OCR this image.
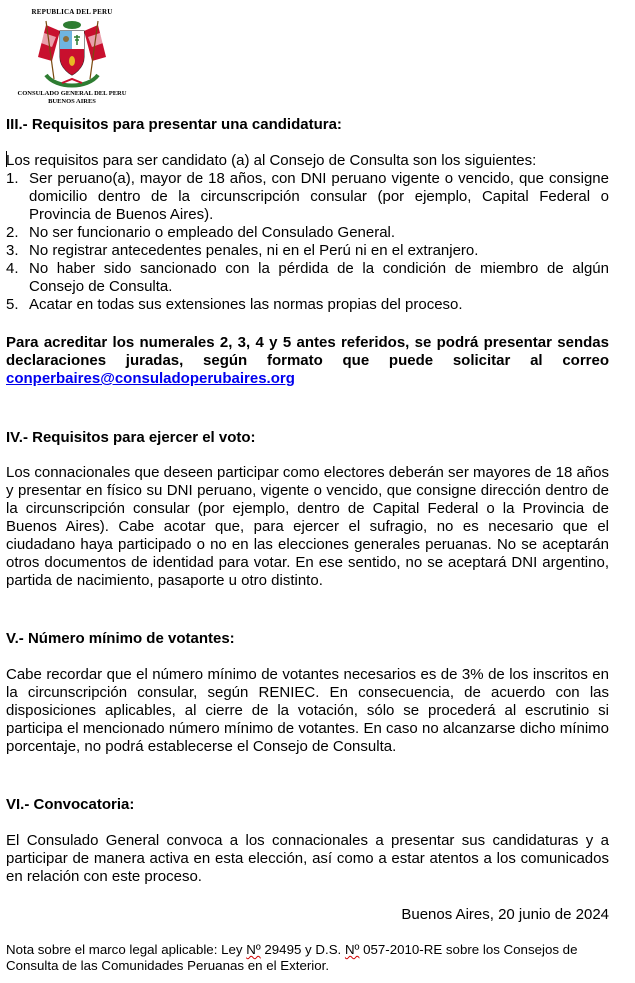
REPUBLICA DEL PERU
CONSULADO GENERAL DEL PERU
BUENOS AIRES
III.- Requisitos para presentar una candidatura:
Los requisitos para ser candidato (a) al Consejo de Consulta son los siguientes:
1. Ser peruano(a), mayor de 18 años, con DNI peruano vigente o vencido, que consigne domicilio dentro de la circunscripción consular (por ejemplo, Capital Federal o Provincia de Buenos Aires).
2. No ser funcionario o empleado del Consulado General.
3. No registrar antecedentes penales, ni en el Perú ni en el extranjero.
4. No haber sido sancionado con la pérdida de la condición de miembro de algún Consejo de Consulta.
5. Acatar en todas sus extensiones las normas propias del proceso.
Para acreditar los numerales 2, 3, 4 y 5 antes referidos, se podrá presentar sendas declaraciones juradas, según formato que puede solicitar al correo conperbaires@consuladoperubaires.org
IV.- Requisitos para ejercer el voto:
Los connacionales que deseen participar como electores deberán ser mayores de 18 años y presentar en físico su DNI peruano, vigente o vencido, que consigne dirección dentro de la circunscripción consular (por ejemplo, dentro de Capital Federal o la Provincia de Buenos Aires). Cabe acotar que, para ejercer el sufragio, no es necesario que el ciudadano haya participado o no en las elecciones generales peruanas. No se aceptarán otros documentos de identidad para votar. En ese sentido, no se aceptará DNI argentino, partida de nacimiento, pasaporte u otro distinto.
V.- Número mínimo de votantes:
Cabe recordar que el número mínimo de votantes necesarios es de 3% de los inscritos en la circunscripción consular, según RENIEC. En consecuencia, de acuerdo con las disposiciones aplicables, al cierre de la votación, sólo se procederá al escrutinio si participa el mencionado número mínimo de votantes. En caso no alcanzarse dicho mínimo porcentaje, no podrá establecerse el Consejo de Consulta.
VI.- Convocatoria:
El Consulado General convoca a los connacionales a presentar sus candidaturas y a participar de manera activa en esta elección, así como a estar atentos a los comunicados en relación con este proceso.
Buenos Aires, 20 junio de 2024
Nota sobre el marco legal aplicable: Ley Nº 29495 y D.S. Nº 057-2010-RE sobre los Consejos de Consulta de las Comunidades Peruanas en el Exterior.
